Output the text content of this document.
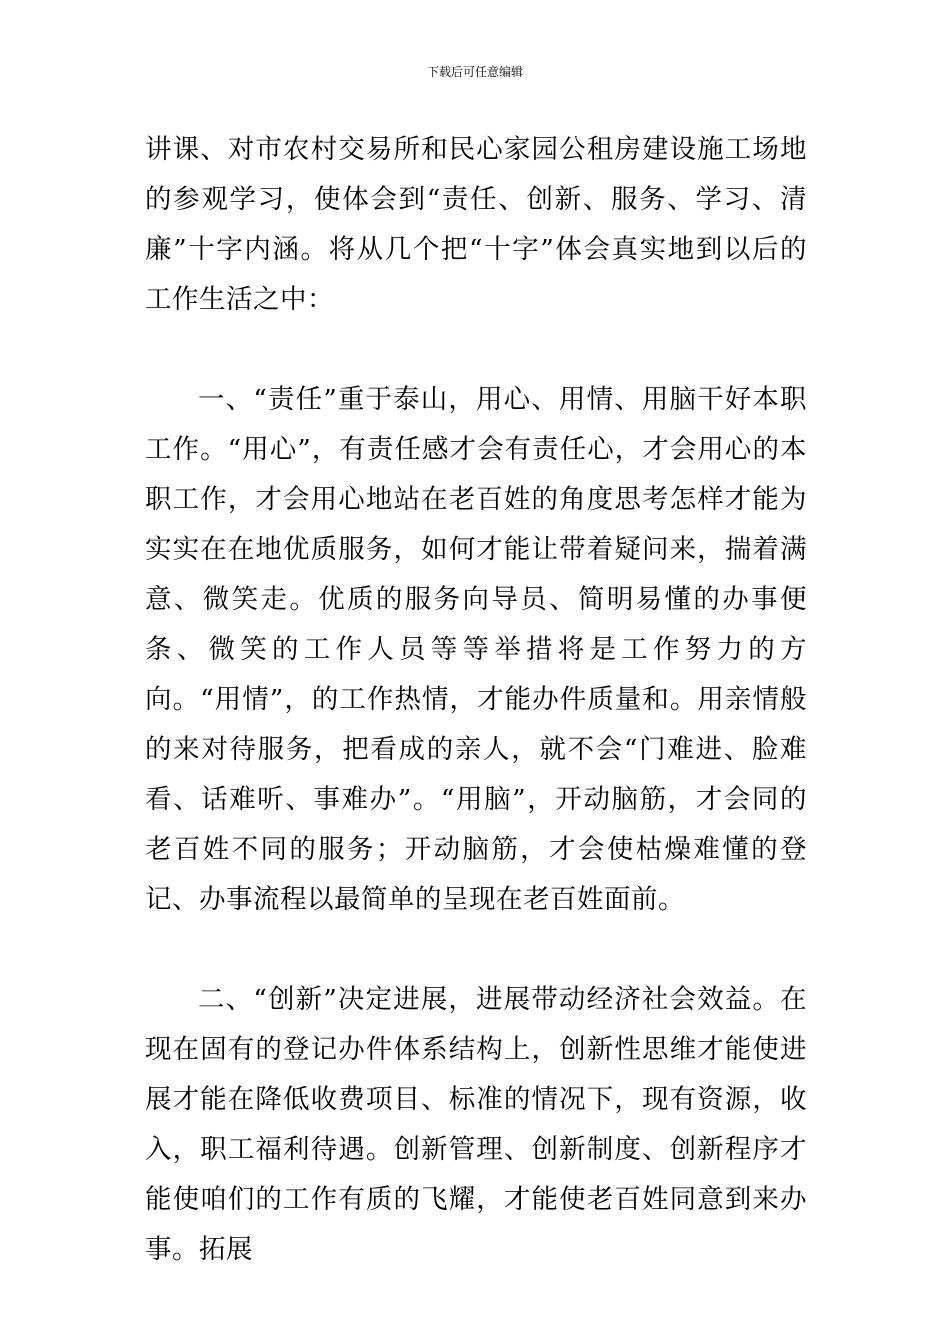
下载后可任意编辑

讲课、对市农村交易所和民心家园公租房建设施工场地的参观学习，使体会到“责任、创新、服务、学习、清廉”十字内涵。将从几个把“十字”体会真实地到以后的工作生活之中：

一、“责任”重于泰山，用心、用情、用脑干好本职工作。“用心”，有责任感才会有责任心，才会用心的本职工作，才会用心地站在老百姓的角度思考怎样才能为实实在在地优质服务，如何才能让带着疑问来，揣着满意、微笑走。优质的服务向导员、简明易懂的办事便条、微笑的工作人员等等举措将是工作努力的方向。“用情”，的工作热情，才能办件质量和。用亲情般的来对待服务，把看成的亲人，就不会“门难进、脸难看、话难听、事难办”。“用脑”，开动脑筋，才会同的老百姓不同的服务；开动脑筋，才会使枯燥难懂的登记、办事流程以最简单的呈现在老百姓面前。

二、“创新”决定进展，进展带动经济社会效益。在现在固有的登记办件体系结构上，创新性思维才能使进展才能在降低收费项目、标准的情况下，现有资源，收入，职工福利待遇。创新管理、创新制度、创新程序才能使咱们的工作有质的飞耀，才能使老百姓同意到来办事。拓展
